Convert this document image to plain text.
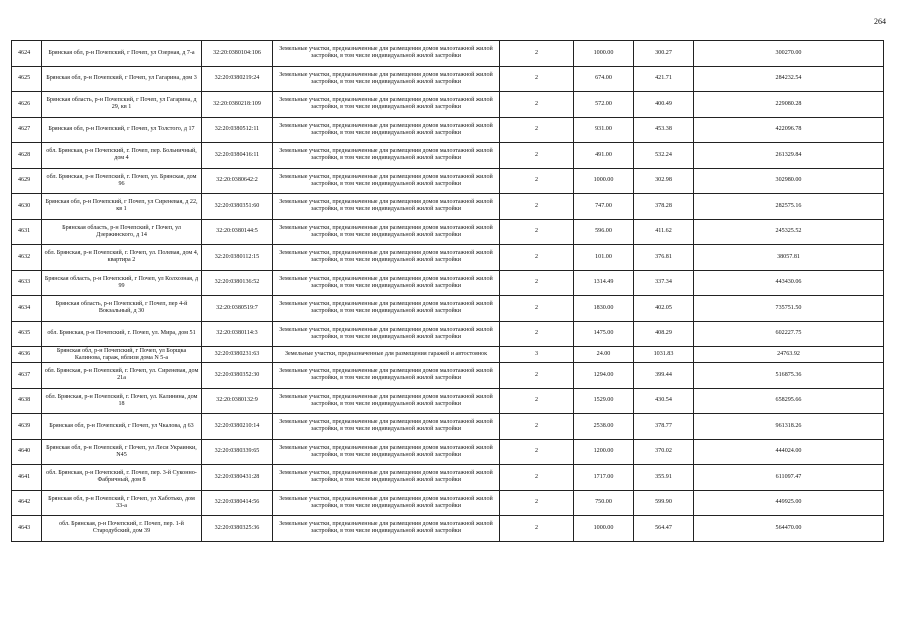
264
4624	Брянская обл, р-н Почепский, г Почеп, ул Озерная, д 7-а	32:20:0380104:106	Земельные участки, предназначенные для размещения домов малоэтажной жилой застройки, в том числе индивидуальной жилой застройки	2	1000.00	300.27	300270.00
4625	Брянская обл, р-н Почепский, г Почеп, ул Гагарина, дом 3	32:20:0380219:24	Земельные участки, предназначенные для размещения домов малоэтажной жилой застройки, в том числе индивидуальной жилой застройки	2	674.00	421.71	284232.54
4626	Брянская область, р-н Почепский, г Почеп, ул Гагарина, д 29, кв 1	32:20:0380218:109	Земельные участки, предназначенные для размещения домов малоэтажной жилой застройки, в том числе индивидуальной жилой застройки	2	572.00	400.49	229080.28
4627	Брянская обл, р-н Почепский, г Почеп, ул Толстого, д 17	32:20:0380512:11	Земельные участки, предназначенные для размещения домов малоэтажной жилой застройки, в том числе индивидуальной жилой застройки	2	931.00	453.38	422096.78
4628	обл. Брянская, р-н Почепский, г. Почеп, пер. Больничный, дом 4	32:20:0380416:11	Земельные участки, предназначенные для размещения домов малоэтажной жилой застройки, в том числе индивидуальной жилой застройки	2	491.00	532.24	261329.84
4629	обл. Брянская, р-н Почепский, г. Почеп, ул. Брянская, дом 96	32:20:0380642:2	Земельные участки, предназначенные для размещения домов малоэтажной жилой застройки, в том числе индивидуальной жилой застройки	2	1000.00	302.98	302980.00
4630	Брянская обл, р-н Почепский, г Почеп, ул Сиреневая, д 22, кв 1	32:20:0380351:60	Земельные участки, предназначенные для размещения домов малоэтажной жилой застройки, в том числе индивидуальной жилой застройки	2	747.00	378.28	282575.16
4631	Брянская область, р-н Почепский, г Почеп, ул Дзержинского, д 14	32:20:0380144:5	Земельные участки, предназначенные для размещения домов малоэтажной жилой застройки, в том числе индивидуальной жилой застройки	2	596.00	411.62	245325.52
4632	обл. Брянская, р-н Почепский, г. Почеп, ул. Полевая, дом 4, квартира 2	32:20:0380112:15	Земельные участки, предназначенные для размещения домов малоэтажной жилой застройки, в том числе индивидуальной жилой застройки	2	101.00	376.81	38057.81
4633	Брянская область, р-н Почепский, г Почеп, ул Колхозная, д 99	32:20:0380136:52	Земельные участки, предназначенные для размещения домов малоэтажной жилой застройки, в том числе индивидуальной жилой застройки	2	1314.49	337.34	443430.06
4634	Брянская область, р-н Почепский, г Почеп, пер 4-й Вокзальный, д 30	32:20:0380519:7	Земельные участки, предназначенные для размещения домов малоэтажной жилой застройки, в том числе индивидуальной жилой застройки	2	1830.00	402.05	735751.50
4635	обл. Брянская, р-н Почепский, г. Почеп, ул. Мира, дом 51	32:20:0380114:3	Земельные участки, предназначенные для размещения домов малоэтажной жилой застройки, в том числе индивидуальной жилой застройки	2	1475.00	408.29	602227.75
4636	Брянская обл, р-н Почепский, г Почеп, ул Борщка Калинова, гараж, вблизи дома N 5-а	32:20:0380231:63	Земельные участки, предназначенные для размещения гаражей и автостоянок	3	24.00	1031.83	24763.92
4637	обл. Брянская, р-н Почепский, г. Почеп, ул. Сиреневая, дом 21а	32:20:0380352:30	Земельные участки, предназначенные для размещения домов малоэтажной жилой застройки, в том числе индивидуальной жилой застройки	2	1294.00	399.44	516875.36
4638	обл. Брянская, р-н Почепский, г. Почеп, ул. Калинина, дом 18	32:20:0380132:9	Земельные участки, предназначенные для размещения домов малоэтажной жилой застройки, в том числе индивидуальной жилой застройки	2	1529.00	430.54	658295.66
4639	Брянская обл, р-н Почепский, г Почеп, ул Чкалова, д 63	32:20:0380210:14	Земельные участки, предназначенные для размещения домов малоэтажной жилой застройки, в том числе индивидуальной жилой застройки	2	2538.00	378.77	961318.26
4640	Брянская обл, р-н Почепский, г Почеп, ул Леси Украинки, N45	32:20:0380339:65	Земельные участки, предназначенные для размещения домов малоэтажной жилой застройки, в том числе индивидуальной жилой застройки	2	1200.00	370.02	444024.00
4641	обл. Брянская, р-н Почепский, г. Почеп, пер. 3-й Суконно-Фабричный, дом 8	32:20:0380431:28	Земельные участки, предназначенные для размещения домов малоэтажной жилой застройки, в том числе индивидуальной жилой застройки	2	1717.00	355.91	611097.47
4642	Брянская обл, р-н Почепский, г Почеп, ул Хаботько, дом 33-а	32:20:0380414:56	Земельные участки, предназначенные для размещения домов малоэтажной жилой застройки, в том числе индивидуальной жилой застройки	2	750.00	599.90	449925.00
4643	обл. Брянская, р-н Почепский, г. Почеп, пер. 1-й Стародубский, дом 39	32:20:0380325:36	Земельные участки, предназначенные для размещения домов малоэтажной жилой застройки, в том числе индивидуальной жилой застройки	2	1000.00	564.47	564470.00
